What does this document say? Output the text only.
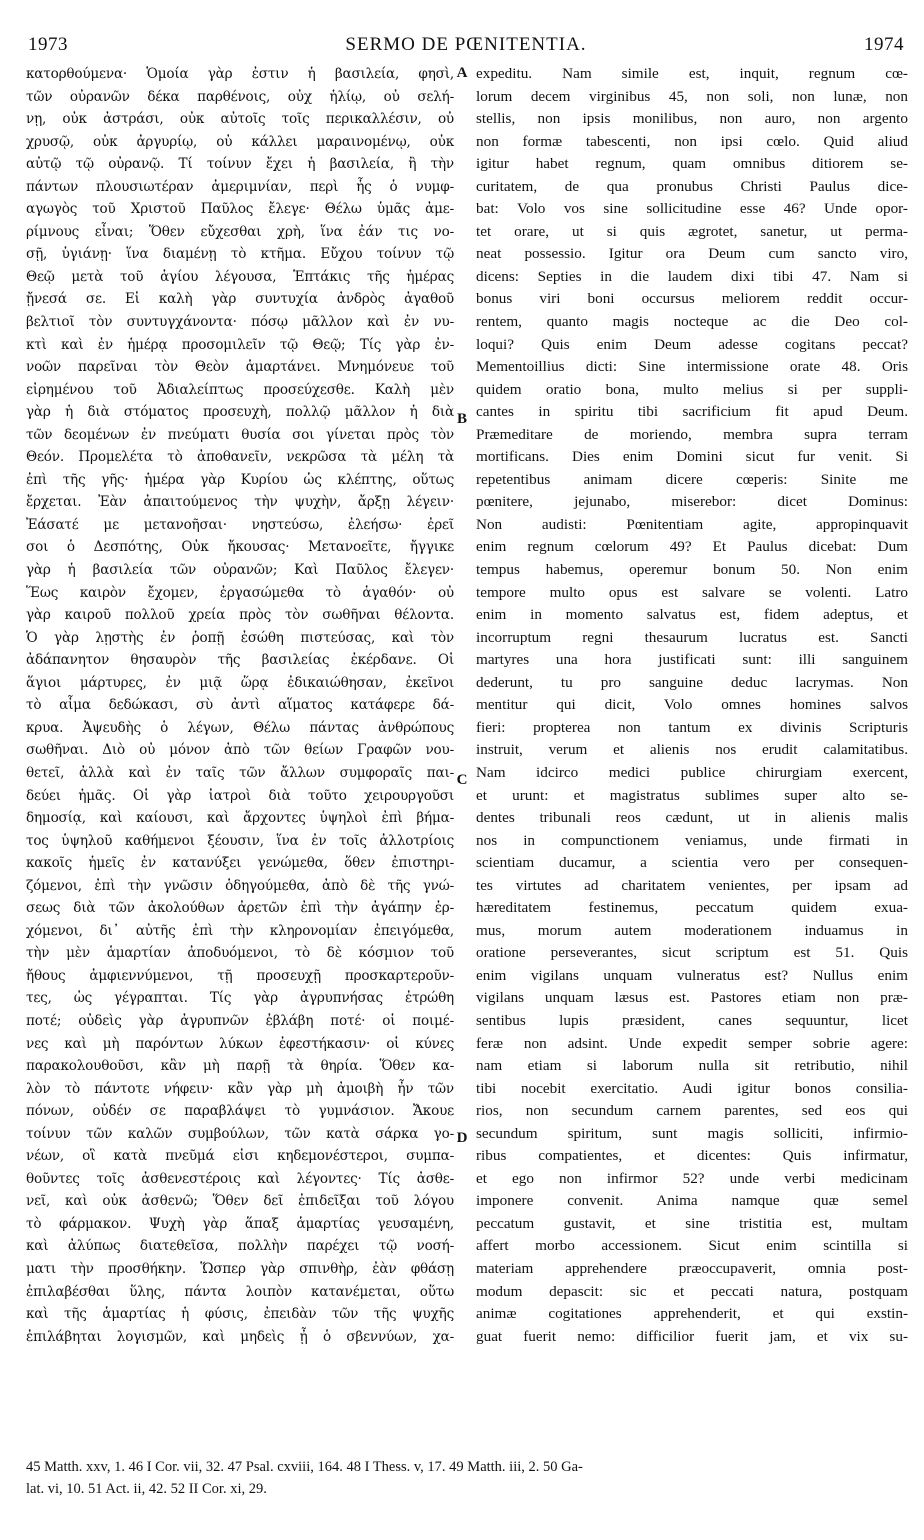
1973	SERMO DE PŒNITENTIA.	1974
κατορθούμενα· Ὁμοία γὰρ ἐστιν ἡ βασιλεία, φησὶ,
τῶν οὐρανῶν δέκα παρθένοις, οὐχ ἡλίῳ, οὐ σελή-
νῃ, οὐκ ἀστράσι, οὐκ αὐτοῖς τοῖς περικαλλέσιν, οὐ
χρυσῷ, οὐκ ἀργυρίῳ, οὐ κάλλει μαραινομένῳ, οὐκ
αὐτῷ τῷ οὐρανῷ. Τί τοίνυν ἔχει ἡ βασιλεία, ἢ τὴν
πάντων πλουσιωτέραν ἀμεριμνίαν, περὶ ἧς ὁ νυμφ-
αγωγὸς τοῦ Χριστοῦ Παῦλος ἔλεγε· Θέλω ὑμᾶς ἀμε-
ρίμνους εἶναι; Ὅθεν εὔχεσθαι χρὴ, ἵνα ἐάν τις νο-
σῇ, ὑγιάνῃ· ἵνα διαμένῃ τὸ κτῆμα. Εὔχου τοίνυν τῷ
Θεῷ μετὰ τοῦ ἁγίου λέγουσα, Ἑπτάκις τῆς ἡμέρας
ᾔνεσά σε. Εἰ καλὴ γὰρ συντυχία ἀνδρὸς ἀγαθοῦ
βελτιοῖ τὸν συντυγχάνοντα· πόσῳ μᾶλλον καὶ ἐν νυ-
κτὶ καὶ ἐν ἡμέρᾳ προσομιλεῖν τῷ Θεῷ; Τίς γὰρ ἐν-
νοῶν παρεῖναι τὸν Θεὸν ἁμαρτάνει. Μνημόνευε τοῦ
εἰρημένου τοῦ Ἀδιαλείπτως προσεύχεσθε. Καλὴ μὲν
γὰρ ἡ διὰ στόματος προσευχὴ, πολλῷ μᾶλλον ἡ διὰ
τῶν δεομένων ἐν πνεύματι θυσία σοι γίνεται πρὸς τὸν
Θεόν. Προμελέτα τὸ ἀποθανεῖν, νεκρῶσα τὰ μέλη τὰ
ἐπὶ τῆς γῆς· ἡμέρα γὰρ Κυρίου ὡς κλέπτης, οὕτως
ἔρχεται. Ἐὰν ἀπαιτούμενος τὴν ψυχὴν, ἄρξῃ λέγειν·
Ἐάσατέ με μετανοῆσαι· νηστεύσω, ἐλεήσω· ἐρεῖ
σοι ὁ Δεσπότης, Οὐκ ἤκουσας· Μετανοεῖτε, ἤγγικε
γὰρ ἡ βασιλεία τῶν οὐρανῶν; Καὶ Παῦλος ἔλεγεν·
Ἕως καιρὸν ἔχομεν, ἐργασώμεθα τὸ ἀγαθόν· οὐ
γὰρ καιροῦ πολλοῦ χρεία πρὸς τὸν σωθῆναι θέλοντα.
Ὁ γὰρ λῃστὴς ἐν ῥοπῇ ἐσώθη πιστεύσας, καὶ τὸν
ἀδάπανητον θησαυρὸν τῆς βασιλείας ἐκέρδανε. Οἱ
ἅγιοι μάρτυρες, ἐν μιᾷ ὥρᾳ ἐδικαιώθησαν, ἐκεῖνοι
τὸ αἷμα δεδώκασι, σὺ ἀντὶ αἵματος κατάφερε δά-
κρυα. Ἀψευδὴς ὁ λέγων, Θέλω πάντας ἀνθρώπους
σωθῆναι. Διὸ οὐ μόνον ἀπὸ τῶν θείων Γραφῶν νου-
θετεῖ, ἀλλὰ καὶ ἐν ταῖς τῶν ἄλλων συμφοραῖς παι-
δεύει ἡμᾶς. Οἱ γὰρ ἰατροὶ διὰ τοῦτο χειρουργοῦσι
δημοσίᾳ, καὶ καίουσι, καὶ ἄρχοντες ὑψηλοὶ ἐπὶ βήμα-
τος ὑψηλοῦ καθήμενοι ξέουσιν, ἵνα ἐν τοῖς ἀλλοτρίοις
κακοῖς ἡμεῖς ἐν κατανύξει γενώμεθα, ὅθεν ἐπιστηρι-
ζόμενοι, ἐπὶ τὴν γνῶσιν ὁδηγούμεθα, ἀπὸ δὲ τῆς γνώ-
σεως διὰ τῶν ἀκολούθων ἀρετῶν ἐπὶ τὴν ἀγάπην ἐρ-
χόμενοι, δι᾽ αὐτῆς ἐπὶ τὴν κληρονομίαν ἐπειγόμεθα,
τὴν μὲν ἁμαρτίαν ἀποδυόμενοι, τὸ δὲ κόσμιον τοῦ
ἤθους ἀμφιεννύμενοι, τῇ προσευχῇ προσκαρτεροῦν-
τες, ὡς γέγραπται. Τίς γὰρ ἀγρυπνήσας ἐτρώθη
ποτέ; οὐδεὶς γὰρ ἀγρυπνῶν ἐβλάβη ποτέ· οἱ ποιμέ-
νες καὶ μὴ παρόντων λύκων ἐφεστήκασιν· οἱ κύνες
παρακολουθοῦσι, κἂν μὴ παρῇ τὰ θηρία. Ὅθεν κα-
λὸν τὸ πάντοτε νήφειν· κἂν γὰρ μὴ ἀμοιβὴ ἦν τῶν
πόνων, οὐδέν σε παραβλάψει τὸ γυμνάσιον. Ἄκουε
τοίνυν τῶν καλῶν συμβούλων, τῶν κατὰ σάρκα γο-
νέων, οἳ κατὰ πνεῦμά εἰσι κηδεμονέστεροι, συμπα-
θοῦντες τοῖς ἀσθενεστέροις καὶ λέγοντες· Τίς ἀσθε-
νεῖ, καὶ οὐκ ἀσθενῶ; Ὅθεν δεῖ ἐπιδεῖξαι τοῦ λόγου
τὸ φάρμακον. Ψυχὴ γὰρ ἅπαξ ἁμαρτίας γευσαμένη,
καὶ ἀλύπως διατεθεῖσα, πολλὴν παρέχει τῷ νοσή-
ματι τὴν προσθήκην. Ὥσπερ γὰρ σπινθὴρ, ἐὰν φθάσῃ
ἐπιλαβέσθαι ὕλης, πάντα λοιπὸν κατανέμεται, οὕτω
καὶ τῆς ἁμαρτίας ἡ φύσις, ἐπειδὰν τῶν τῆς ψυχῆς
ἐπιλάβηται λογισμῶν, καὶ μηδεὶς ᾖ ὁ σβεννύων, χα-
expeditu. Nam simile est, inquit, regnum cœ-
lorum decem virginibus 45, non soli, non lunæ, non
stellis, non ipsis monilibus, non auro, non argento
non formæ tabescenti, non ipsi cœlo. Quid aliud
igitur habet regnum, quam omnibus ditiorem se-
curitatem, de qua pronubus Christi Paulus dice-
bat: Volo vos sine sollicitudine esse 46? Unde opor-
tet orare, ut si quis ægrotet, sanetur, ut perma-
neat possessio. Igitur ora Deum cum sancto viro,
dicens: Septies in die laudem dixi tibi 47. Nam si
bonus viri boni occursus meliorem reddit occur-
rentem, quanto magis nocteque ac die Deo col-
loqui? Quis enim Deum adesse cogitans peccat?
Mementoillius dicti: Sine intermissione orate 48. Oris
quidem oratio bona, multo melius si per suppli-
cantes in spiritu tibi sacrificium fit apud Deum.
Præmeditare de moriendo, membra supra terram
mortificans. Dies enim Domini sicut fur venit. Si
repetentibus animam dicere cœperis: Sinite me
pœnitere, jejunabo, miserebor: dicet Dominus:
Non audisti: Pœnitentiam agite, appropinquavit
enim regnum cœlorum 49? Et Paulus dicebat: Dum
tempus habemus, operemur bonum 50. Non enim
tempore multo opus est salvare se volenti. Latro
enim in momento salvatus est, fidem adeptus, et
incorruptum regni thesaurum lucratus est. Sancti
martyres una hora justificati sunt: illi sanguinem
dederunt, tu pro sanguine deduc lacrymas. Non
mentitur qui dicit, Volo omnes homines salvos
fieri: propterea non tantum ex divinis Scripturis
instruit, verum et alienis nos erudit calamitatibus.
Nam idcirco medici publice chirurgiam exercent,
et urunt: et magistratus sublimes super alto se-
dentes tribunali reos cædunt, ut in alienis malis
nos in compunctionem veniamus, unde firmati in
scientiam ducamur, a scientia vero per consequen-
tes virtutes ad charitatem venientes, per ipsam ad
hæreditatem festinemus, peccatum quidem exua-
mus, morum autem moderationem induamus in
oratione perseverantes, sicut scriptum est 51. Quis
enim vigilans unquam vulneratus est? Nullus enim
vigilans unquam læsus est. Pastores etiam non præ-
sentibus lupis præsident, canes sequuntur, licet
feræ non adsint. Unde expedit semper sobrie agere:
nam etiam si laborum nulla sit retributio, nihil
tibi nocebit exercitatio. Audi igitur bonos consilia-
rios, non secundum carnem parentes, sed eos qui
secundum spiritum, sunt magis solliciti, infirmio-
ribus compatientes, et dicentes: Quis infirmatur,
et ego non infirmor 52? unde verbi medicinam
imponere convenit. Anima namque quæ semel
peccatum gustavit, et sine tristitia est, multam
affert morbo accessionem. Sicut enim scintilla si
materiam apprehendere præoccupaverit, omnia post-
modum depascit: sic et peccati natura, postquam
animæ cogitationes apprehenderit, et qui exstin-
guat fuerit nemo: difficilior fuerit jam, et vix su-
A
B
C
D
45 Matth. xxv, 1. 46 I Cor. vii, 32. 47 Psal. cxviii, 164. 48 I Thess. v, 17. 49 Matth. iii, 2. 50 Ga-
lat. vi, 10. 51 Act. ii, 42. 52 II Cor. xi, 29.
